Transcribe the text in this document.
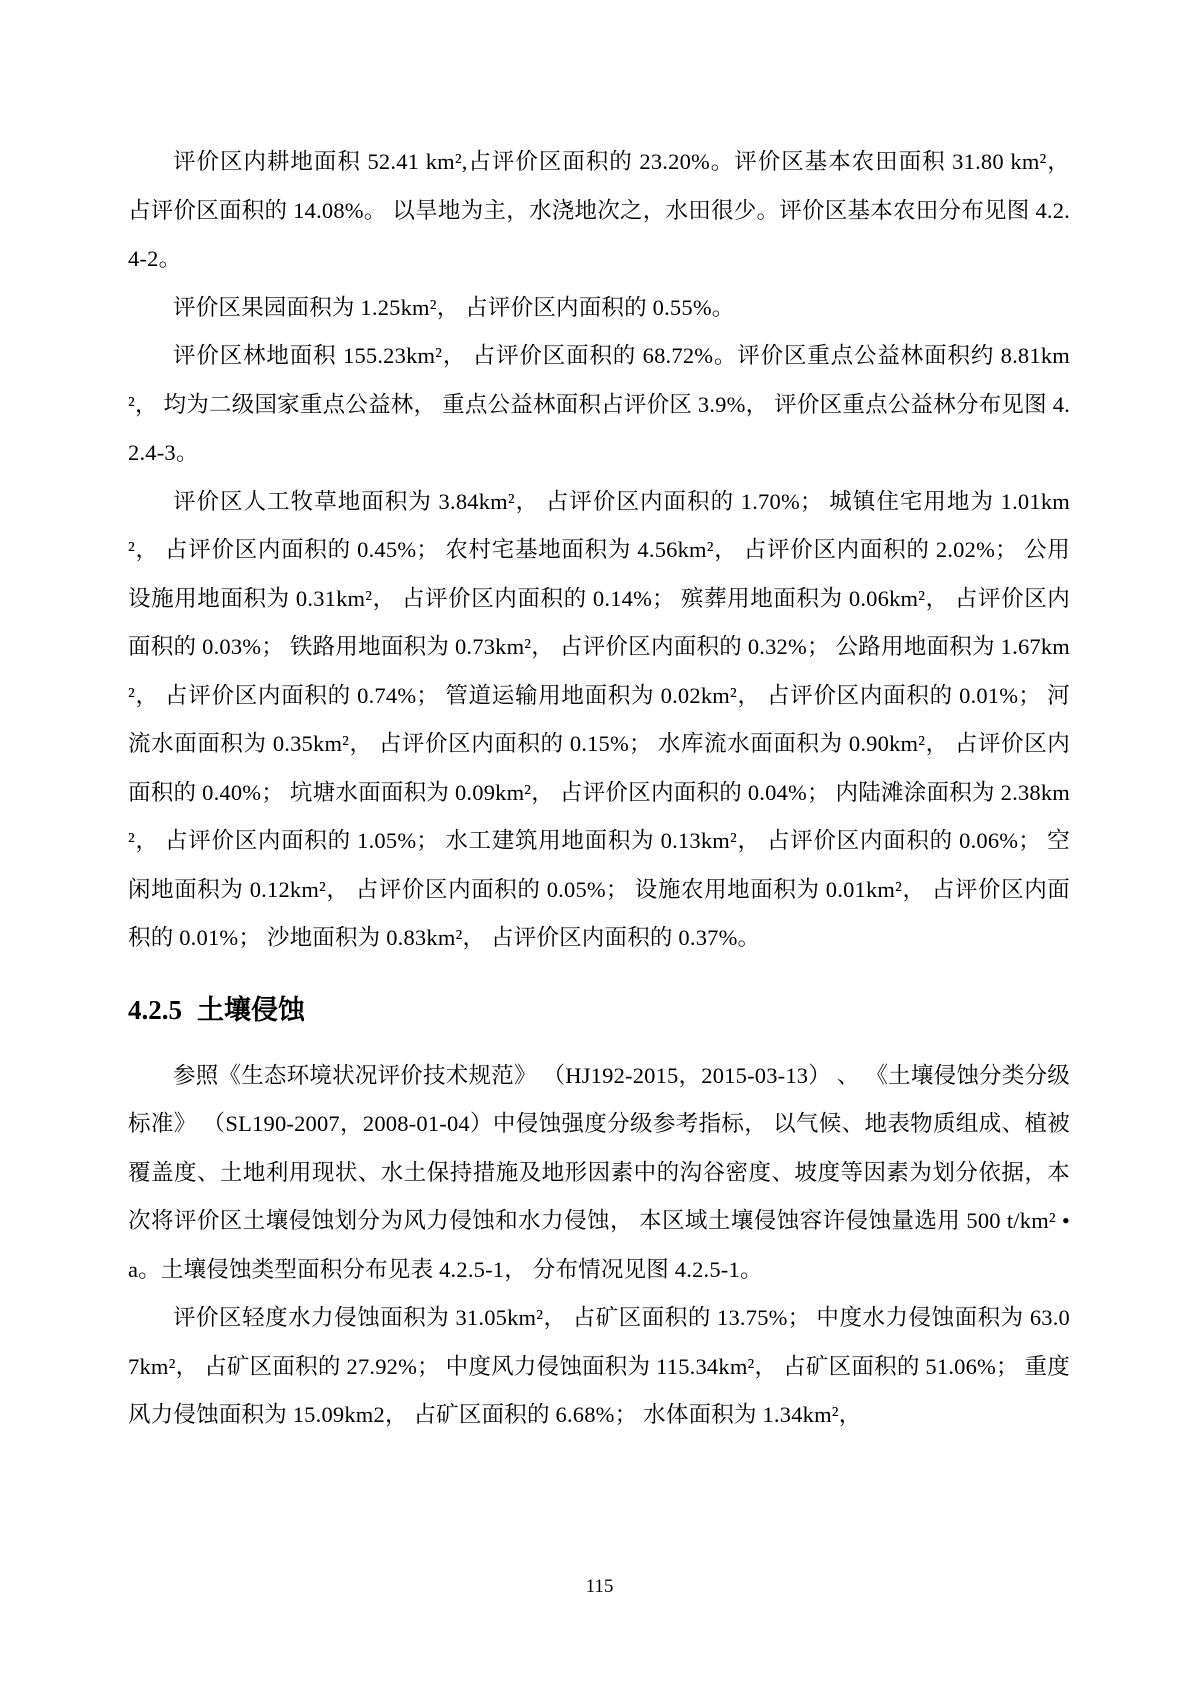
评价区内耕地面积 52.41 km²,占评价区面积的 23.20%。评价区基本农田面积 31.80 km²， 占评价区面积的 14.08%。 以旱地为主，水浇地次之，水田很少。评价区基本农田分布见图 4.2.4-2。

评价区果园面积为 1.25km²， 占评价区内面积的 0.55%。

评价区林地面积 155.23km²， 占评价区面积的 68.72%。评价区重点公益林面积约 8.81km²， 均为二级国家重点公益林， 重点公益林面积占评价区 3.9%， 评价区重点公益林分布见图 4.2.4-3。

评价区人工牧草地面积为 3.84km²， 占评价区内面积的 1.70%； 城镇住宅用地为 1.01km²， 占评价区内面积的 0.45%； 农村宅基地面积为 4.56km²， 占评价区内面积的 2.02%； 公用设施用地面积为 0.31km²， 占评价区内面积的 0.14%； 殡葬用地面积为 0.06km²， 占评价区内面积的 0.03%； 铁路用地面积为 0.73km²， 占评价区内面积的 0.32%； 公路用地面积为 1.67km²， 占评价区内面积的 0.74%； 管道运输用地面积为 0.02km²， 占评价区内面积的 0.01%； 河流水面面积为 0.35km²， 占评价区内面积的 0.15%； 水库流水面面积为 0.90km²， 占评价区内面积的 0.40%； 坑塘水面面积为 0.09km²， 占评价区内面积的 0.04%； 内陆滩涂面积为 2.38km²， 占评价区内面积的 1.05%； 水工建筑用地面积为 0.13km²， 占评价区内面积的 0.06%； 空闲地面积为 0.12km²， 占评价区内面积的 0.05%； 设施农用地面积为 0.01km²， 占评价区内面积的 0.01%； 沙地面积为 0.83km²， 占评价区内面积的 0.37%。

4.2.5 土壤侵蚀

参照《生态环境状况评价技术规范》 （HJ192-2015，2015-03-13） 、 《土壤侵蚀分类分级标准》 （SL190-2007，2008-01-04）中侵蚀强度分级参考指标， 以气候、地表物质组成、植被覆盖度、土地利用现状、水土保持措施及地形因素中的沟谷密度、坡度等因素为划分依据，本次将评价区土壤侵蚀划分为风力侵蚀和水力侵蚀， 本区域土壤侵蚀容许侵蚀量选用 500 t/km² • a。土壤侵蚀类型面积分布见表 4.2.5-1， 分布情况见图 4.2.5-1。

评价区轻度水力侵蚀面积为 31.05km²， 占矿区面积的 13.75%； 中度水力侵蚀面积为 63.07km²， 占矿区面积的 27.92%； 中度风力侵蚀面积为 115.34km²， 占矿区面积的 51.06%； 重度风力侵蚀面积为 15.09km2， 占矿区面积的 6.68%； 水体面积为 1.34km²，

115
